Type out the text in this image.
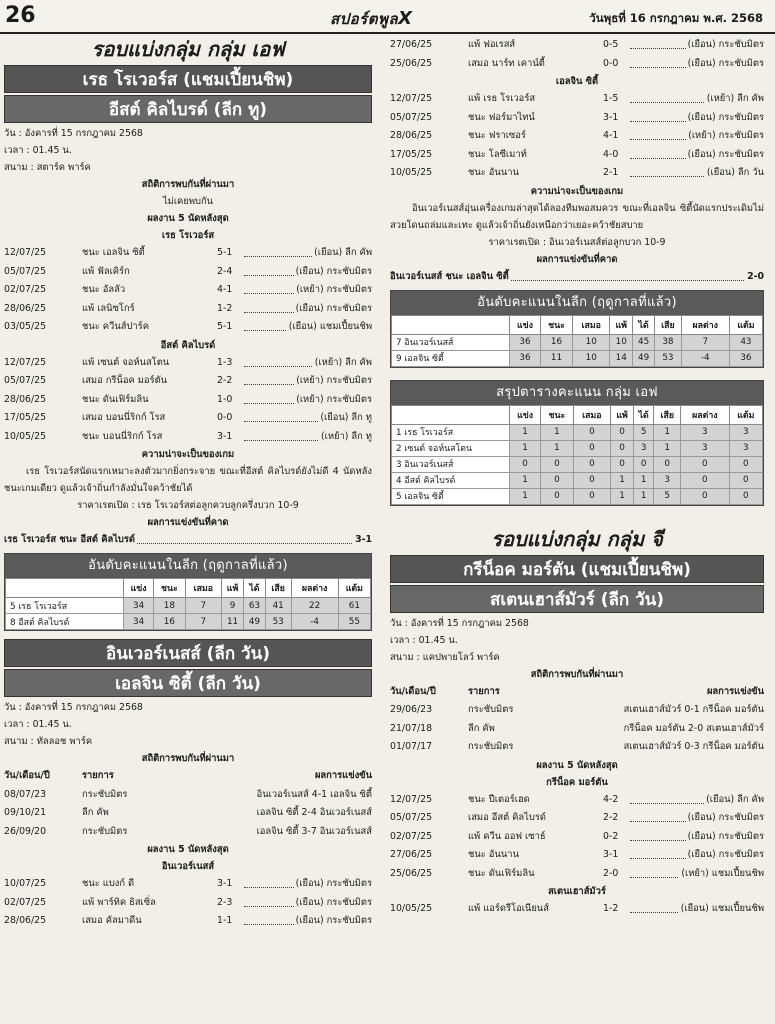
26	สปอร์ตพูลX	วันพุธที่ 16 กรกฎาคม พ.ศ. 2568
รอบแบ่งกลุ่ม กลุ่ม เอฟ
เรธ โรเวอร์ส (แชมเปี้ยนชิพ)
อีสต์ คิลไบรด์ (ลีก ทู)
วัน : อังคารที่ 15 กรกฎาคม 2568
เวลา : 01.45 น.
สนาม : สตาร์ค พาร์ค
สถิติการพบกันที่ผ่านมา
ไม่เคยพบกัน
ผลงาน 5 นัดหลังสุด
เรธ โรเวอร์ส
12/07/25	ชนะ เอลจิน ซิตี้	5-1	(เยือน) ลีก คัพ
05/07/25	แพ้ ฟัลเคิร์ก	2-4	(เยือน) กระชับมิตร
02/07/25	ชนะ อัลลัว	4-1	(เหย้า) กระชับมิตร
28/06/25	แพ้ เลนิซโกร์	1-2	(เยือน) กระชับมิตร
03/05/25	ชนะ ควีนส์ปาร์ค	5-1	(เยือน) แชมเปี้ยนชิพ
อีสต์ คิลไบรด์
12/07/25	แพ้ เซนต์ จอห์นสโตน	1-3	(เหย้า) ลีก คัพ
05/07/25	เสมอ กรีน็อค มอร์ตัน	2-2	(เหย้า) กระชับมิตร
28/06/25	ชนะ ดันเฟิร์มลิน	1-0	(เหย้า) กระชับมิตร
17/05/25	เสมอ บอนนี่ริกก์ โรส	0-0	(เยือน) ลีก ทู
10/05/25	ชนะ บอนนี่ริกก์ โรส	3-1	(เหย้า) ลีก ทู
ความน่าจะเป็นของเกม
เรธ โรเวอร์สนัดแรกเหมาะลงตัวมากยิ่งกระจาย ขณะที่อีสต์ คิลไบรด์ยังไม่ดี 4 นัดหลังชนะเกมเดียว ดูแล้วเจ้าถิ่นกำลังมั่นใจคว้าชัยได้
ราคาเรตเปิด : เรธ โรเวอร์สต่อลูกควบลูกครึ่งบวก 10-9
ผลการแข่งขันที่คาด
เรธ โรเวอร์ส ชนะ อีสต์ คิลไบรด์	3-1
อันดับคะแนนในลีก (ฤดูกาลที่แล้ว)
	แข่ง	ชนะ	เสมอ	แพ้	ได้	เสีย	ผลต่าง	แต้ม
5 เรธ โรเวอร์ส	34	18	7	9	63	41	22	61
8 อีสต์ คิลไบรด์	34	16	7	11	49	53	-4	55
อินเวอร์เนสส์ (ลีก วัน)
เอลจิน ซิตี้ (ลีก วัน)
วัน : อังคารที่ 15 กรกฎาคม 2568
เวลา : 01.45 น.
สนาม : ทัลลอช พาร์ค
สถิติการพบกันที่ผ่านมา
วัน/เดือน/ปี	รายการ	ผลการแข่งขัน
08/07/23	กระชับมิตร	อินเวอร์เนสส์ 4-1 เอลจิน ซิตี้
09/10/21	ลีก คัพ	เอลจิน ซิตี้ 2-4 อินเวอร์เนสส์
26/09/20	กระชับมิตร	เอลจิน ซิตี้ 3-7 อินเวอร์เนสส์
ผลงาน 5 นัดหลังสุด
อินเวอร์เนสส์
10/07/25	ชนะ แบงก์ ดี	3-1	(เยือน) กระชับมิตร
02/07/25	แพ้ พาร์ทิค ธิสเซิ่ล	2-3	(เยือน) กระชับมิตร
28/06/25	เสมอ คัลมาดีน	1-1	(เยือน) กระชับมิตร
27/06/25	แพ้ ฟอเรสส์	0-5	(เยือน) กระชับมิตร
25/06/25	เสมอ นาร์ท เคาน์ตี้	0-0	(เยือน) กระชับมิตร
เอลจิน ซิตี้
12/07/25	แพ้ เรธ โรเวอร์ส	1-5	(เหย้า) ลีก คัพ
05/07/25	ชนะ ฟอร์มาไทน์	3-1	(เยือน) กระชับมิตร
28/06/25	ชนะ ฟราเซอร์	4-1	(เหย้า) กระชับมิตร
17/05/25	ชนะ โลซีเมาท์	4-0	(เยือน) กระชับมิตร
10/05/25	ชนะ อันนาน	2-1	(เยือน) ลีก วัน
ความน่าจะเป็นของเกม
อินเวอร์เนสส์อุ่นเครื่องเกมล่าสุดได้ลองทีมพอสมควร ขณะที่เอลจิน ซิตี้นัดแรกประเดิมไม่สวยโดนถล่มและเทะ ดูแล้วเจ้าถิ่นยังเหนือกว่าเยอะคว้าชัยสบาย
ราคาเรตเปิด : อินเวอร์เนสส์ต่อลูกบวก 10-9
ผลการแข่งขันที่คาด
อินเวอร์เนสส์ ชนะ เอลจิน ซิตี้	2-0
อันดับคะแนนในลีก (ฤดูกาลที่แล้ว)
	แข่ง	ชนะ	เสมอ	แพ้	ได้	เสีย	ผลต่าง	แต้ม
7 อินเวอร์เนสส์	36	16	10	10	45	38	7	43
9 เอลจิน ซิตี้	36	11	10	14	49	53	-4	36
สรุปตารางคะแนน กลุ่ม เอฟ
	แข่ง	ชนะ	เสมอ	แพ้	ได้	เสีย	ผลต่าง	แต้ม
1 เรธ โรเวอร์ส	1	1	0	0	5	1	3	3
2 เซนต์ จอห์นสโตน	1	1	0	0	3	1	3	3
3 อินเวอร์เนสส์	0	0	0	0	0	0	0	0
4 อีสต์ คิลไบรด์	1	0	0	1	1	3	0	0
5 เอลจิน ซิตี้	1	0	0	1	1	5	0	0
รอบแบ่งกลุ่ม กลุ่ม จี
กรีน็อค มอร์ตัน (แชมเปี้ยนชิพ)
สเตนเฮาส์มัวร์ (ลีก วัน)
วัน : อังคารที่ 15 กรกฎาคม 2568
เวลา : 01.45 น.
สนาม : แคปพายโลว์ พาร์ค
สถิติการพบกันที่ผ่านมา
วัน/เดือน/ปี	รายการ	ผลการแข่งขัน
29/06/23	กระชับมิตร	สเตนเฮาส์มัวร์ 0-1 กรีน็อค มอร์ตัน
21/07/18	ลีก คัพ	กรีน็อค มอร์ตัน 2-0 สเตนเฮาส์มัวร์
01/07/17	กระชับมิตร	สเตนเฮาส์มัวร์ 0-3 กรีน็อค มอร์ตัน
ผลงาน 5 นัดหลังสุด
กรีน็อค มอร์ตัน
12/07/25	ชนะ ปีเตอร์เฮด	4-2	(เยือน) ลีก คัพ
05/07/25	เสมอ อีสต์ คิลไบรด์	2-2	(เยือน) กระชับมิตร
02/07/25	แพ้ ควีน ออฟ เซาธ์	0-2	(เยือน) กระชับมิตร
27/06/25	ชนะ อันนาน	3-1	(เยือน) กระชับมิตร
25/06/25	ชนะ ดันเฟิร์มลิน	2-0	(เหย้า) แชมเปี้ยนชิพ
สเตนเฮาส์มัวร์
10/05/25	แพ้ แอร์ดรีโอเนียนส์	1-2	(เยือน) แชมเปี้ยนชิพ
